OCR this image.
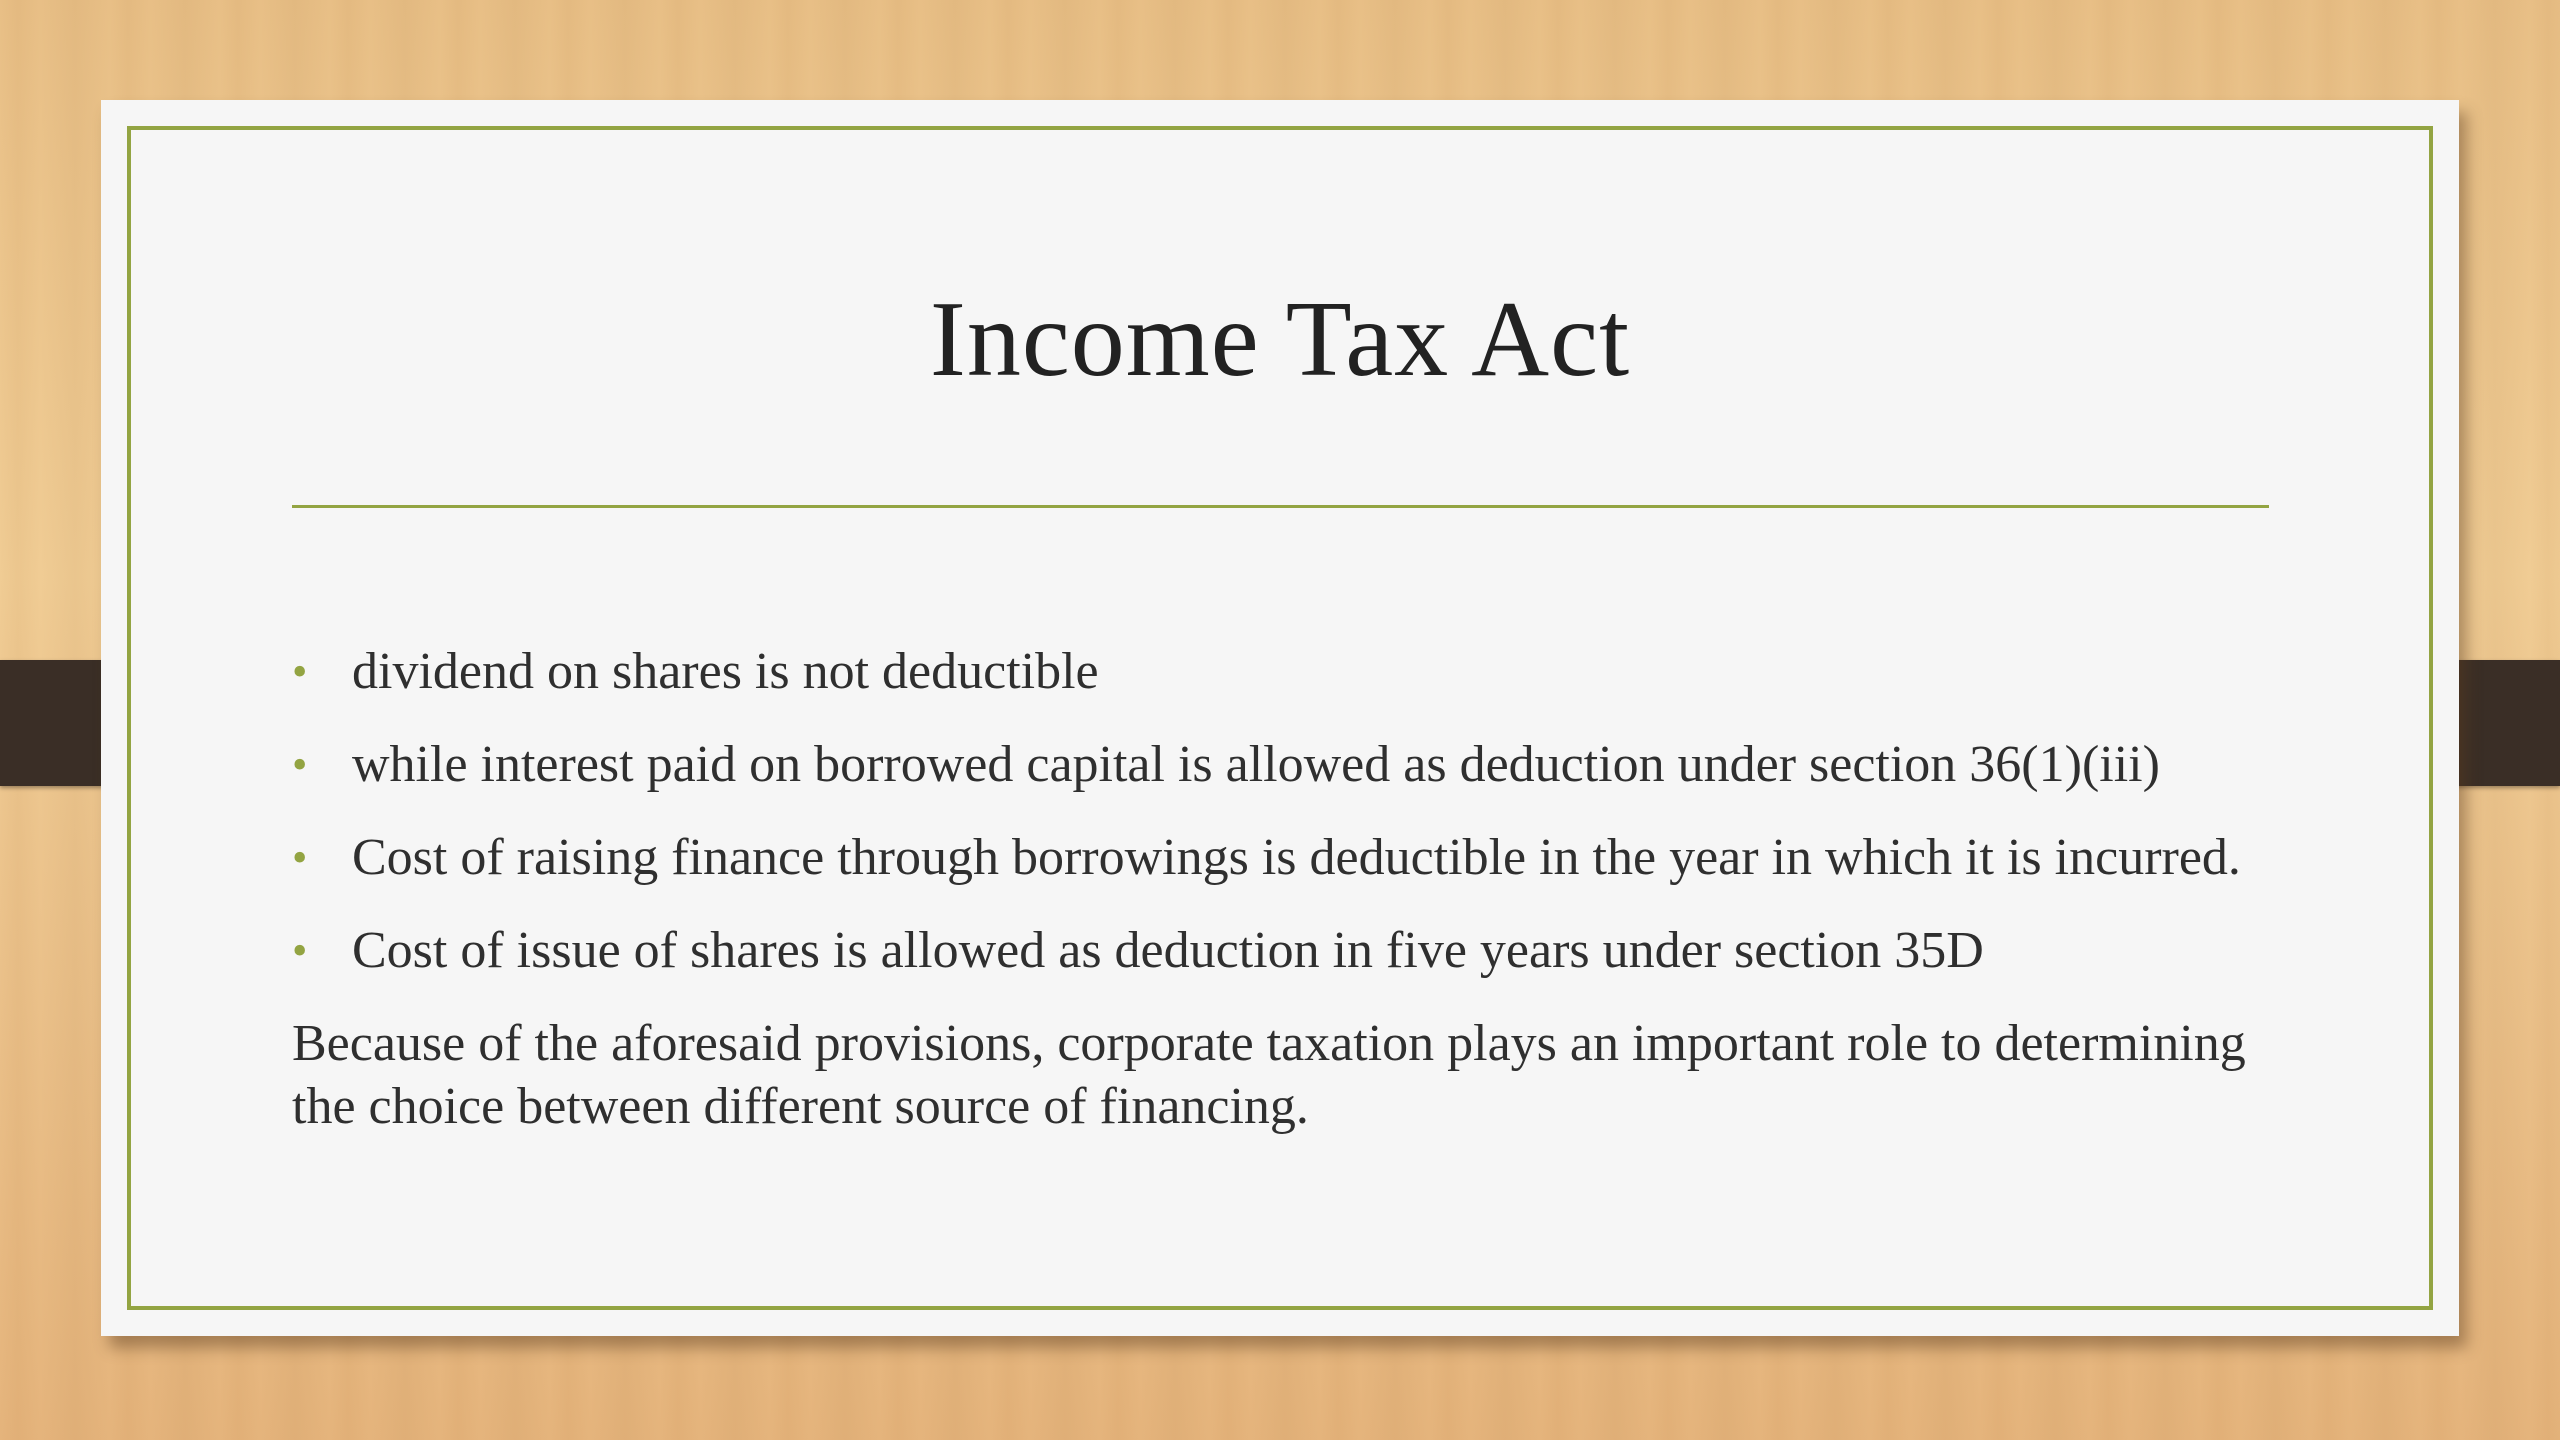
Income Tax Act
• dividend on shares is not deductible
• while interest paid on borrowed capital is allowed as deduction under section 36(1)(iii)
• Cost of raising finance through borrowings is deductible in the year in which it is incurred.
• Cost of issue of shares is allowed as deduction in five years under section 35D

Because of the aforesaid provisions, corporate taxation plays an important role to determining the choice between different source of financing.
